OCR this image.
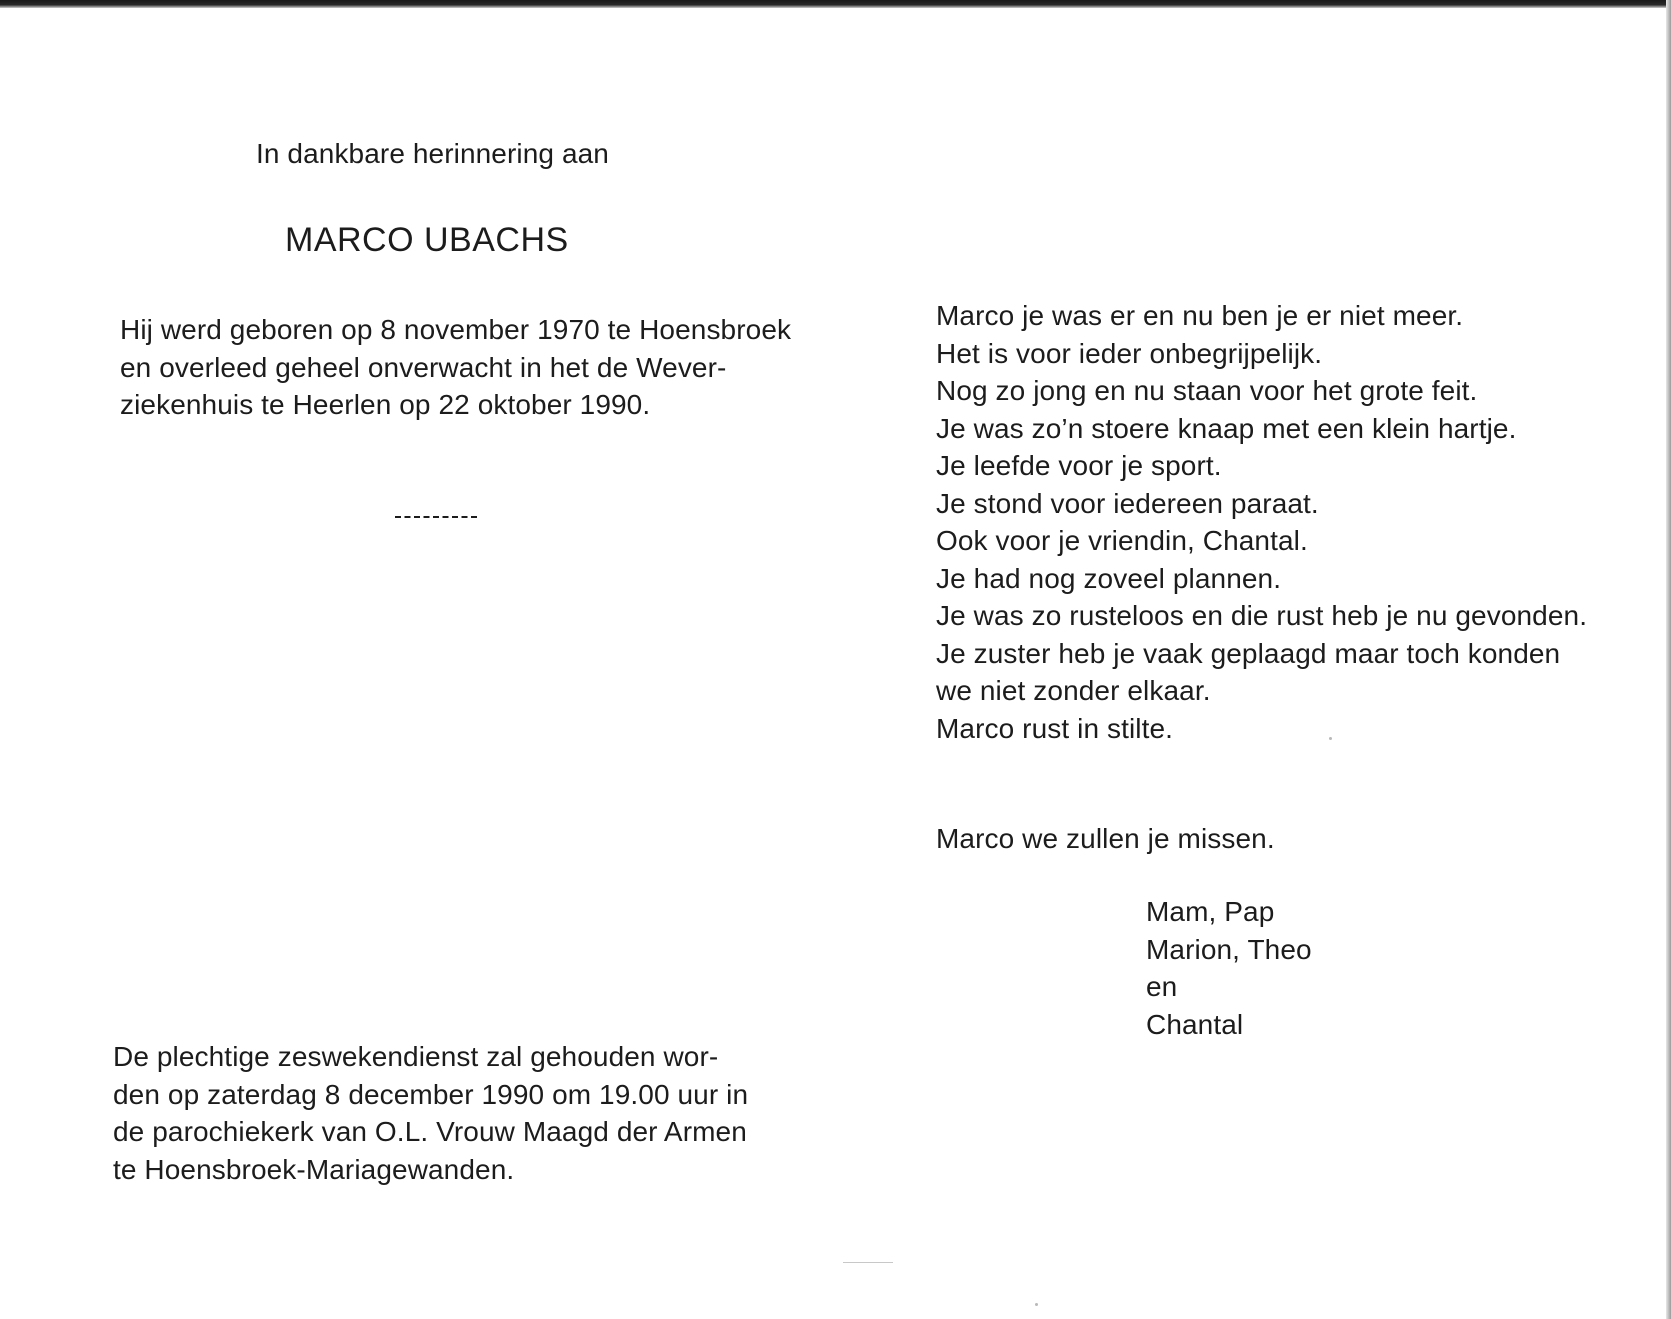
In dankbare herinnering aan
MARCO UBACHS
Hij werd geboren op 8 november 1970 te Hoensbroek
en overleed geheel onverwacht in het de Wever-
ziekenhuis te Heerlen op 22 oktober 1990.
De plechtige zeswekendienst zal gehouden wor-
den op zaterdag 8 december 1990 om 19.00 uur in
de parochiekerk van O.L. Vrouw Maagd der Armen
te Hoensbroek-Mariagewanden.
Marco je was er en nu ben je er niet meer.
Het is voor ieder onbegrijpelijk.
Nog zo jong en nu staan voor het grote feit.
Je was zo’n stoere knaap met een klein hartje.
Je leefde voor je sport.
Je stond voor iedereen paraat.
Ook voor je vriendin, Chantal.
Je had nog zoveel plannen.
Je was zo rusteloos en die rust heb je nu gevonden.
Je zuster heb je vaak geplaagd maar toch konden
we niet zonder elkaar.
Marco rust in stilte.
Marco we zullen je missen.
Mam, Pap
Marion, Theo
en
Chantal
